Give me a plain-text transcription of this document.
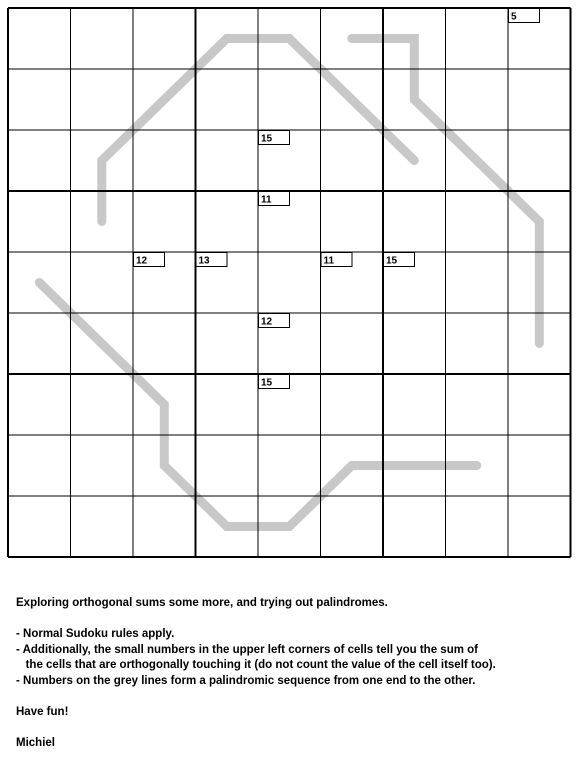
5
15
11
12	13	11	15
12
15

Exploring orthogonal sums some more, and trying out palindromes.

- Normal Sudoku rules apply.

- Additionally, the small numbers in the upper left corners of cells tell you the sum of

the cells that are orthogonally touching it (do not count the value of the cell itself too).

- Numbers on the grey lines form a palindromic sequence from one end to the other.

Have fun!

Michiel
